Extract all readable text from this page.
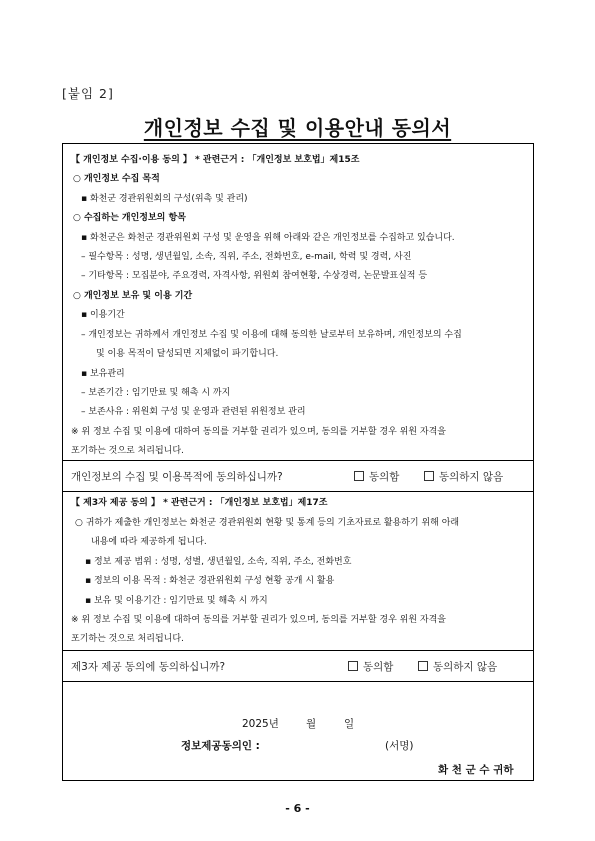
[붙임 2]
개인정보 수집 및 이용안내 동의서
【 개인정보 수집·이용 동의 】 * 관련근거 : 「개인정보 보호법」제15조
○ 개인정보 수집 목적
▪ 화천군 경관위원회의 구성(위촉 및 관리)
○ 수집하는 개인정보의 항목
▪ 화천군은 화천군 경관위원회 구성 및 운영을 위해 아래와 같은 개인정보를 수집하고 있습니다.
– 필수항목 : 성명, 생년월일, 소속, 직위, 주소, 전화번호, e-mail, 학력 및 경력, 사진
– 기타항목 : 모집분야, 주요경력, 자격사항, 위원회 참여현황, 수상경력, 논문발표실적 등
○ 개인정보 보유 및 이용 기간
▪ 이용기간
– 개인정보는 귀하께서 개인정보 수집 및 이용에 대해 동의한 날로부터 보유하며, 개인정보의 수집
및 이용 목적이 달성되면 지체없이 파기합니다.
▪ 보유관리
– 보존기간 : 임기만료 및 해촉 시 까지
– 보존사유 : 위원회 구성 및 운영과 관련된 위원정보 관리
※ 위 정보 수집 및 이용에 대하여 동의를 거부할 권리가 있으며, 동의를 거부할 경우 위원 자격을
포기하는 것으로 처리됩니다.
개인정보의 수집 및 이용목적에 동의하십니까?	동의함	동의하지 않음
【 제3자 제공 동의 】 * 관련근거 : 「개인정보 보호법」제17조
○ 귀하가 제출한 개인정보는 화천군 경관위원회 현황 및 통계 등의 기초자료로 활용하기 위해 아래
내용에 따라 제공하게 됩니다.
▪ 정보 제공 범위 : 성명, 성별, 생년월일, 소속, 직위, 주소, 전화번호
▪ 정보의 이용 목적 : 화천군 경관위원회 구성 현황 공개 시 활용
▪ 보유 및 이용기간 : 임기만료 및 해촉 시 까지
※ 위 정보 수집 및 이용에 대하여 동의를 거부할 권리가 있으며, 동의를 거부할 경우 위원 자격을
포기하는 것으로 처리됩니다.
제3자 제공 동의에 동의하십니까?	동의함	동의하지 않음
2025년	월	일
정보제공동의인 :	(서명)
화 천 군 수 귀하
- 6 -
